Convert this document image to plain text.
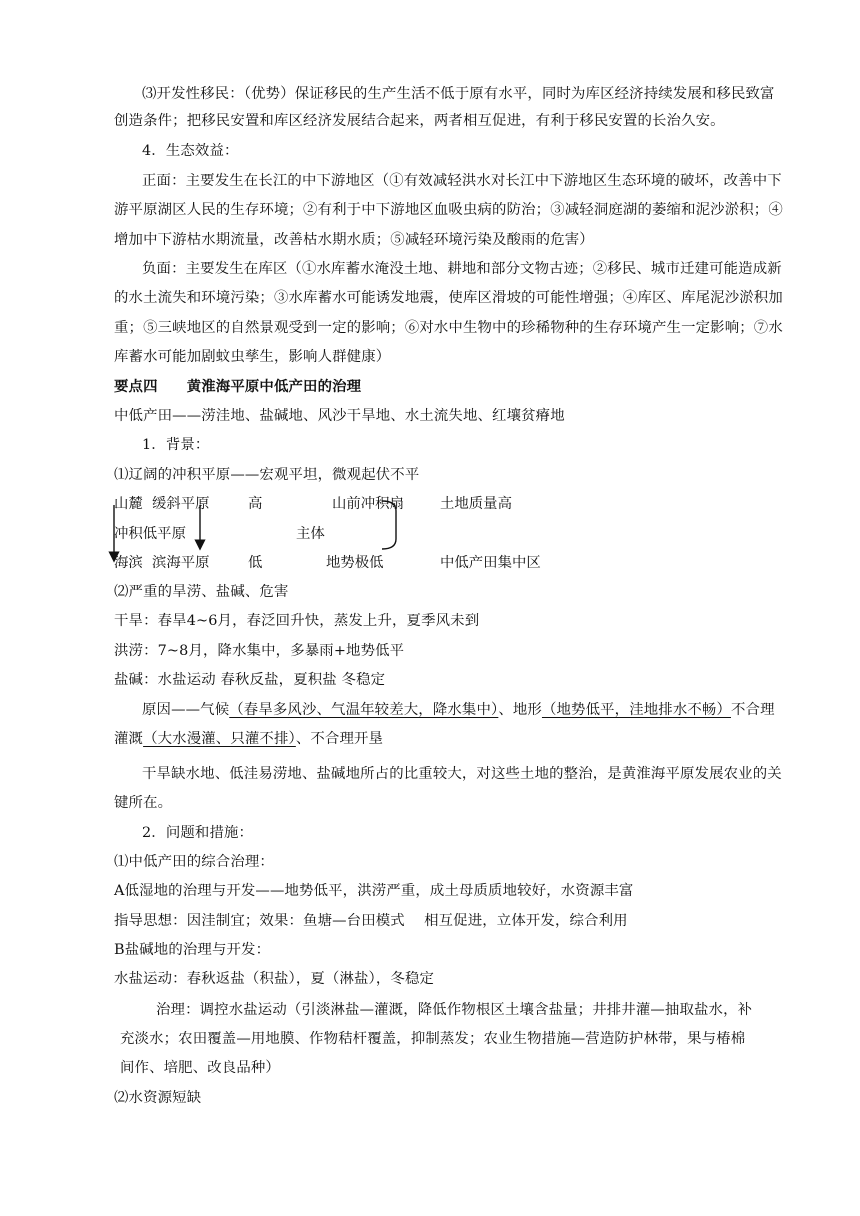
⑶开发性移民：（优势）保证移民的生产生活不低于原有水平，同时为库区经济持续发展和移民致富
创造条件；把移民安置和库区经济发展结合起来，两者相互促进，有利于移民安置的长治久安。
4．生态效益：
正面：主要发生在长江的中下游地区（①有效减轻洪水对长江中下游地区生态环境的破坏，改善中下
游平原湖区人民的生存环境；②有利于中下游地区血吸虫病的防治；③减轻洞庭湖的萎缩和泥沙淤积；④
增加中下游枯水期流量，改善枯水期水质；⑤减轻环境污染及酸雨的危害）
负面：主要发生在库区（①水库蓄水淹没土地、耕地和部分文物古迹；②移民、城市迁建可能造成新
的水土流失和环境污染；③水库蓄水可能诱发地震，使库区滑坡的可能性增强；④库区、库尾泥沙淤积加
重；⑤三峡地区的自然景观受到一定的影响；⑥对水中生物中的珍稀物种的生存环境产生一定影响；⑦水
库蓄水可能加剧蚊虫孳生，影响人群健康）
要点四　　黄淮海平原中低产田的治理
中低产田——涝洼地、盐碱地、风沙干旱地、水土流失地、红壤贫瘠地
1．背景：
⑴辽阔的冲积平原——宏观平坦，微观起伏不平
山麓 缓斜平原	高	山前冲积扇	土地质量高
冲积低平原	主体
海滨 滨海平原	低	地势极低	中低产田集中区
⑵严重的旱涝、盐碱、危害
干旱：春旱4~6月，春泛回升快，蒸发上升，夏季风未到
洪涝：7~8月，降水集中，多暴雨+地势低平
盐碱：水盐运动 春秋反盐，夏积盐 冬稳定
原因——气候（春旱多风沙、气温年较差大，降水集中）、地形（地势低平，洼地排水不畅）不合理
灌溉（大水漫灌、只灌不排）、不合理开垦
干旱缺水地、低洼易涝地、盐碱地所占的比重较大，对这些土地的整治，是黄淮海平原发展农业的关
键所在。
2．问题和措施：
⑴中低产田的综合治理：
A低湿地的治理与开发——地势低平，洪涝严重，成土母质质地较好，水资源丰富
指导思想：因洼制宜；效果：鱼塘—台田模式　 相互促进，立体开发，综合利用
B盐碱地的治理与开发：
水盐运动：春秋返盐（积盐），夏（淋盐），冬稳定
治理：调控水盐运动（引淡淋盐—灌溉，降低作物根区土壤含盐量；井排井灌—抽取盐水，补
充淡水；农田覆盖—用地膜、作物秸杆覆盖，抑制蒸发；农业生物措施—营造防护林带，果与椿棉
间作、培肥、改良品种）
⑵水资源短缺
